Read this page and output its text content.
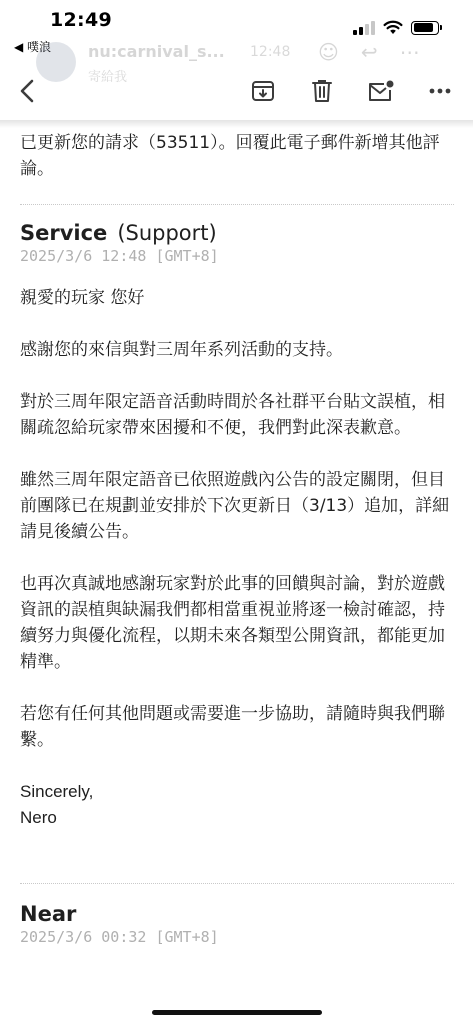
12:49
◀ 噗浪 nu:carnival_s... 12:48
寄給我
☺ ↩ ⋯
已更新您的請求（53511）。回覆此電子郵件新增其他評論。
Service (Support)
2025/3/6 12:48 [GMT+8]
親愛的玩家 您好
感謝您的來信與對三周年系列活動的支持。
對於三周年限定語音活動時間於各社群平台貼文誤植，相關疏忽給玩家帶來困擾和不便，我們對此深表歉意。
雖然三周年限定語音已依照遊戲內公告的設定關閉，但目前團隊已在規劃並安排於下次更新日（3/13）追加，詳細請見後續公告。
也再次真誠地感謝玩家對於此事的回饋與討論，對於遊戲資訊的誤植與缺漏我們都相當重視並將逐一檢討確認，持續努力與優化流程，以期未來各類型公開資訊，都能更加精準。
若您有任何其他問題或需要進一步協助，請隨時與我們聯繫。
Sincerely,
Nero
Near
2025/3/6 00:32 [GMT+8]
